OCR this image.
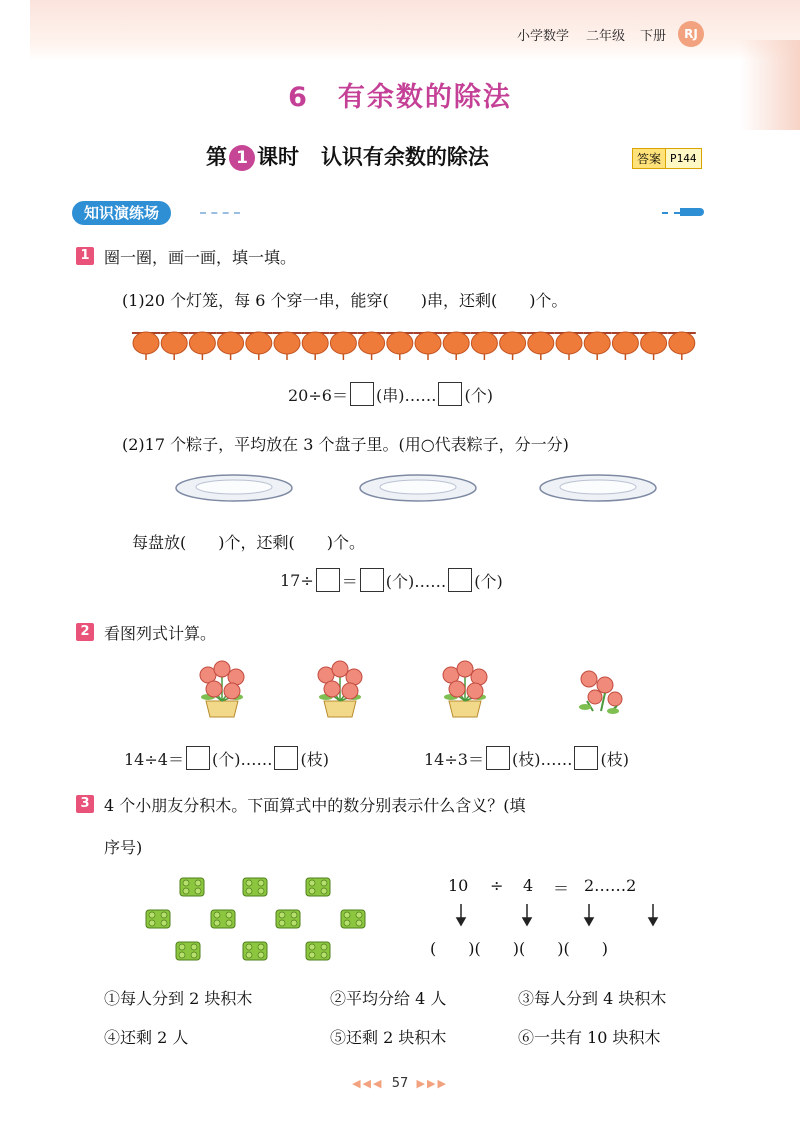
小学数学 二年级 下册	RJ
6　有余数的除法
第 1 课时 认识有余数的除法	答案 P144
知识演练场
1 圈一圈，画一画，填一填。
(1)20 个灯笼，每 6 个穿一串，能穿(　　)串，还剩(　　)个。
20÷6＝ (串)…… (个)
(2)17 个粽子，平均放在 3 个盘子里。(用○代表粽子，分一分)
每盘放(　　)个，还剩(　　)个。
17÷ ＝ (个)…… (个)
2 看图列式计算。
14÷4＝ (个)…… (枝)	14÷3＝ (枝)…… (枝)
3 4 个小朋友分积木。下面算式中的数分别表示什么含义？(填
序号)
10 ÷ 4 ＝ 2……2
(　　)(　　)(　　)(　　)
①每人分到 2 块积木	②平均分给 4 人	③每人分到 4 块积木
④还剩 2 人	⑤还剩 2 块积木	⑥一共有 10 块积木
◀◀◀ 57 ▶▶▶
